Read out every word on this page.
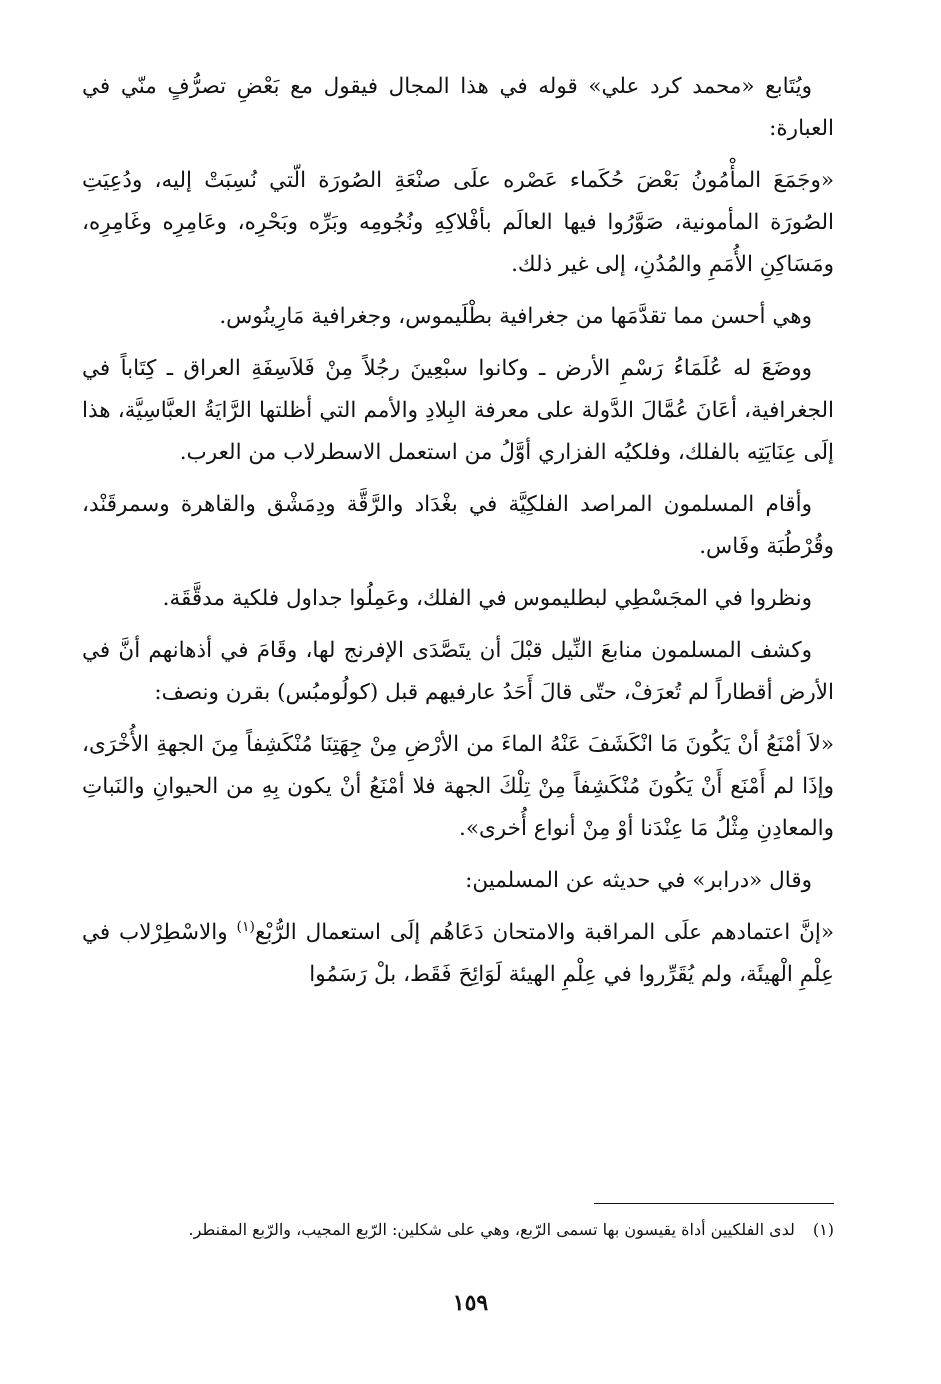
ويُتَابع «محمد كرد علي» قوله في هذا المجال فيقول مع بَعْضِ تصرُّفٍ منّي في العبارة:

«وجَمَعَ المأْمُونُ بَعْضَ حُكَماء عَصْره علَى صنْعَةِ الصُورَة الّتي نُسِبَتْ إليه، ودُعِيَتِ الصُورَة المأمونية، صَوَّرُوا فيها العالَم بأفْلاكِهِ ونُجُومِه وبَرِّه وبَحْرِه، وعَامِرِه وغَامِرِه، ومَسَاكِنِ الأُمَمِ والمُدُنِ، إلى غير ذلك.

وهي أحسن مما تقدَّمَها من جغرافية بطْلَيموس، وجغرافية مَارِينُوس.

ووضَعَ له عُلَمَاءُ رَسْمِ الأرض ـ وكانوا سبْعِينَ رجُلاً مِنْ فَلاَسِفَةِ العراق ـ كِتَاباً في الجغرافية، أعَانَ عُمَّالَ الدَّولة على معرفة البِلادِ والأمم التي أظلتها الرَّايَةُ العبَّاسِيَّة، هذا إلَى عِنَايَتِه بالفلك، وفلكيُه الفزاري أوَّلُ من استعمل الاسطرلاب من العرب.

وأقام المسلمون المراصد الفلكِيَّة في بغْدَاد والرَّقَّة ودِمَشْق والقاهرة وسمرقَنْد، وقُرْطُبَة وفَاس.

ونظروا في المجَسْطِي لبطليموس في الفلك، وعَمِلُوا جداول فلكية مدقَّقَة.

وكشف المسلمون منابعَ النِّيل قبْلَ أن يتَصَّدَى الإفرنج لها، وقَامَ في أذهانهم أنَّ في الأرض أقطاراً لم تُعرَفْ، حتّى قالَ أَحَدُ عارفيهم قبل (كولُومبُس) بقرن ونصف:

«لاَ أمْنَعُ أنْ يَكُونَ مَا انْكَشَفَ عَنْهُ الماءَ من الأرْضِ مِنْ جِهَتِنَا مُنْكَشِفاً مِنَ الجهةِ الأُخْرَى، وإذَا لم أَمْنَع أَنْ يَكُونَ مُنْكَشِفاً مِنْ تِلْكَ الجهة فلا أمْنَعُ أنْ يكون بِهِ من الحيوانِ والنَباتِ والمعادِنِ مِثْلُ مَا عِنْدَنا أوْ مِنْ أنواع أُخرى».

وقال «درابر» في حديثه عن المسلمين:

«إنَّ اعتمادهم علَى المراقبة والامتحان دَعَاهُم إلَى استعمال الرُّبْع$^{(١)}$ والاسْطِرْلاب في عِلْمِ الْهيئَة، ولم يُقَرِّروا في عِلْمِ الهيئة لَوَائِحَ فَقَط، بلْ رَسَمُوا

(١)لدى الفلكيين أداة يقيسون بها تسمى الرّبع، وهي على شكلين: الرّبع المجيب، والرّبع المقنطر.
١٥٩
